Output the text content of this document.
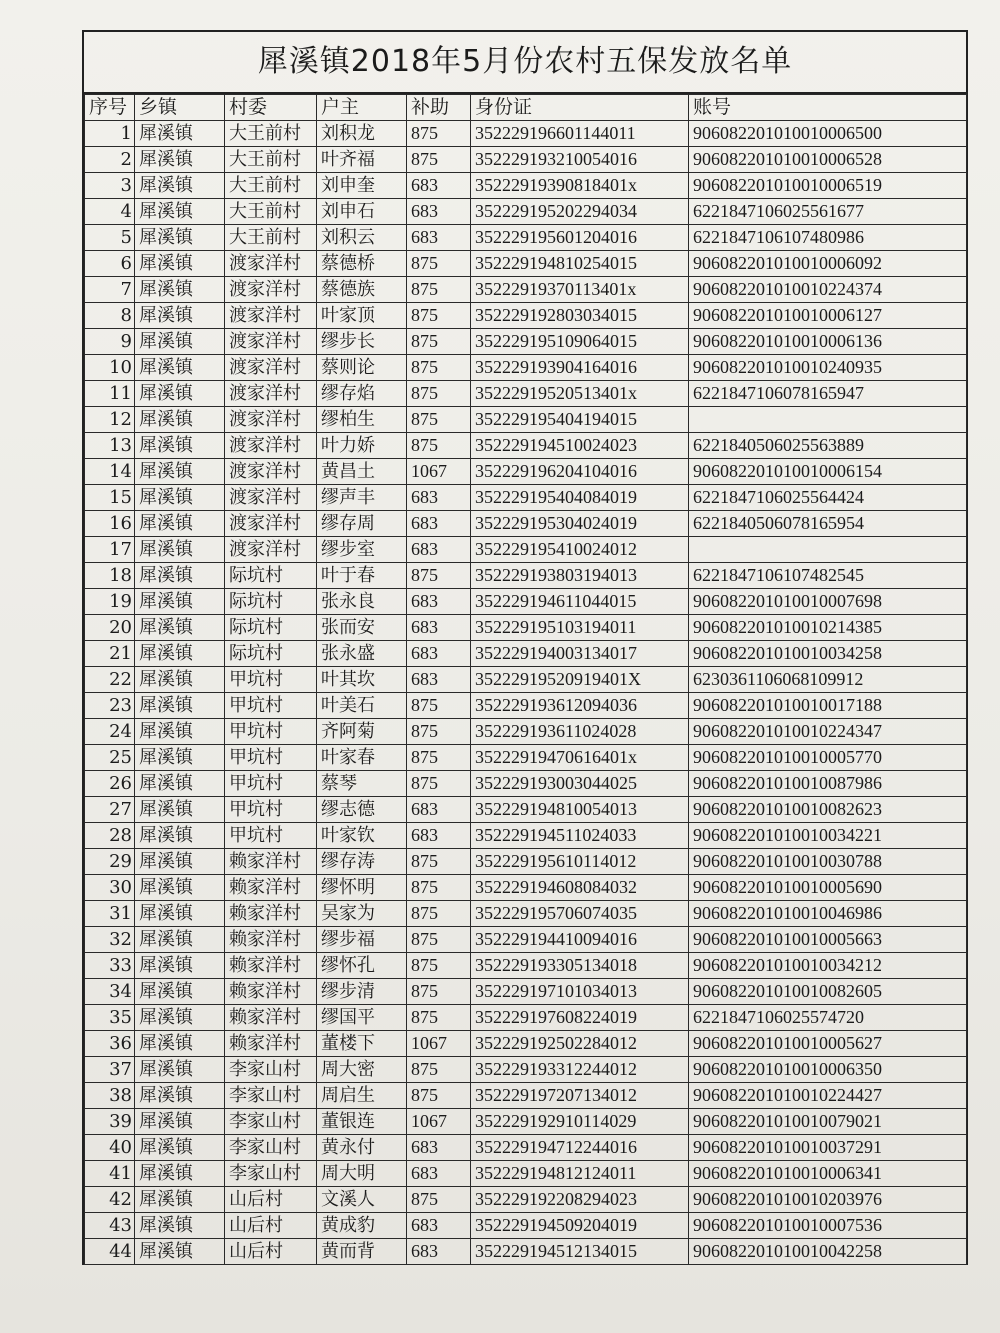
犀溪镇2018年5月份农村五保发放名单
序号	乡镇	村委	户主	补助	身份证	账号
1	犀溪镇	大王前村	刘积龙	875	352229196601144011	906082201010010006500
2	犀溪镇	大王前村	叶齐福	875	352229193210054016	906082201010010006528
3	犀溪镇	大王前村	刘申奎	683	35222919390818401x	906082201010010006519
4	犀溪镇	大王前村	刘申石	683	352229195202294034	6221847106025561677
5	犀溪镇	大王前村	刘积云	683	352229195601204016	6221847106107480986
6	犀溪镇	渡家洋村	蔡德桥	875	352229194810254015	906082201010010006092
7	犀溪镇	渡家洋村	蔡德族	875	35222919370113401x	906082201010010224374
8	犀溪镇	渡家洋村	叶家顶	875	352229192803034015	906082201010010006127
9	犀溪镇	渡家洋村	缪步长	875	352229195109064015	906082201010010006136
10	犀溪镇	渡家洋村	蔡则论	875	352229193904164016	906082201010010240935
11	犀溪镇	渡家洋村	缪存焰	875	35222919520513401x	6221847106078165947
12	犀溪镇	渡家洋村	缪柏生	875	352229195404194015	
13	犀溪镇	渡家洋村	叶力娇	875	352229194510024023	6221840506025563889
14	犀溪镇	渡家洋村	黄昌土	1067	352229196204104016	906082201010010006154
15	犀溪镇	渡家洋村	缪声丰	683	352229195404084019	6221847106025564424
16	犀溪镇	渡家洋村	缪存周	683	352229195304024019	6221840506078165954
17	犀溪镇	渡家洋村	缪步室	683	352229195410024012	
18	犀溪镇	际坑村	叶于春	875	352229193803194013	6221847106107482545
19	犀溪镇	际坑村	张永良	683	352229194611044015	906082201010010007698
20	犀溪镇	际坑村	张而安	683	352229195103194011	906082201010010214385
21	犀溪镇	际坑村	张永盛	683	352229194003134017	906082201010010034258
22	犀溪镇	甲坑村	叶其坎	683	35222919520919401X	6230361106068109912
23	犀溪镇	甲坑村	叶美石	875	352229193612094036	906082201010010017188
24	犀溪镇	甲坑村	齐阿菊	875	352229193611024028	906082201010010224347
25	犀溪镇	甲坑村	叶家春	875	35222919470616401x	906082201010010005770
26	犀溪镇	甲坑村	蔡琴	875	352229193003044025	906082201010010087986
27	犀溪镇	甲坑村	缪志德	683	352229194810054013	906082201010010082623
28	犀溪镇	甲坑村	叶家钦	683	352229194511024033	906082201010010034221
29	犀溪镇	赖家洋村	缪存涛	875	352229195610114012	906082201010010030788
30	犀溪镇	赖家洋村	缪怀明	875	352229194608084032	906082201010010005690
31	犀溪镇	赖家洋村	吴家为	875	352229195706074035	906082201010010046986
32	犀溪镇	赖家洋村	缪步福	875	352229194410094016	906082201010010005663
33	犀溪镇	赖家洋村	缪怀孔	875	352229193305134018	906082201010010034212
34	犀溪镇	赖家洋村	缪步清	875	352229197101034013	906082201010010082605
35	犀溪镇	赖家洋村	缪国平	875	352229197608224019	6221847106025574720
36	犀溪镇	赖家洋村	董楼下	1067	352229192502284012	906082201010010005627
37	犀溪镇	李家山村	周大密	875	352229193312244012	906082201010010006350
38	犀溪镇	李家山村	周启生	875	352229197207134012	906082201010010224427
39	犀溪镇	李家山村	董银连	1067	352229192910114029	906082201010010079021
40	犀溪镇	李家山村	黄永付	683	352229194712244016	906082201010010037291
41	犀溪镇	李家山村	周大明	683	352229194812124011	906082201010010006341
42	犀溪镇	山后村	文溪人	875	352229192208294023	906082201010010203976
43	犀溪镇	山后村	黄成豹	683	352229194509204019	906082201010010007536
44	犀溪镇	山后村	黄而背	683	352229194512134015	906082201010010042258
